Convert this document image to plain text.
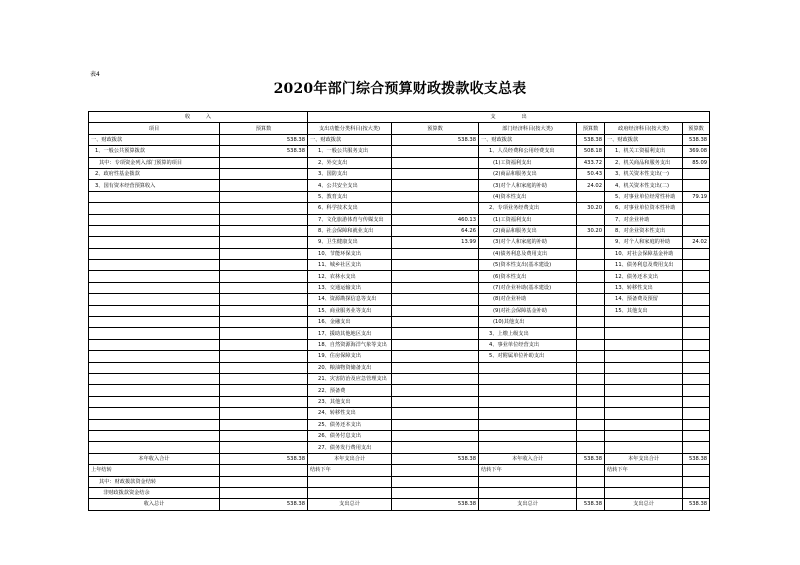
表4
2020年部门综合预算财政拨款收支总表
收　　　入		支　　　　　出					
项目	预算数	支出功能分类科目(按大类)	预算数	部门经济科目(按大类)	预算数	政府经济科目(按大类)	预算数
一、财政拨款	538.38	一、财政拨款	538.38	一、财政拨款	538.38	一、财政拨款	538.38
1、一般公共预算拨款	538.38	1、一般公共服务支出		1、人员经费和公用经费支出	508.18	1、机关工资福利支出	369.08
其中：专项资金列入部门预算的项目		2、外交支出		(1)工资福利支出	433.72	2、机关商品和服务支出	85.09
2、政府性基金拨款		3、国防支出		(2)商品和服务支出	50.43	3、机关资本性支出(一)	
3、国有资本经营预算收入		4、公共安全支出		(3)对个人和家庭的补助	24.02	4、机关资本性支出(二)	
		5、教育支出		(4)资本性支出		5、对事业单位经常性补助	79.19
		6、科学技术支出		2、专项业务经费支出	30.20	6、对事业单位资本性补助	
		7、文化旅游体育与传媒支出	460.13	(1)工资福利支出		7、对企业补助	
		8、社会保障和就业支出	64.26	(2)商品和服务支出	30.20	8、对企业资本性支出	
		9、卫生健康支出	13.99	(3)对个人和家庭的补助		9、对个人和家庭的补助	24.02
		10、节能环保支出		(4)债务利息及费用支出		10、对社会保障基金补助	
		11、城乡社区支出		(5)资本性支出(基本建设)		11、债务利息及费用支出	
		12、农林水支出		(6)资本性支出		12、债务还本支出	
		13、交通运输支出		(7)对企业补助(基本建设)		13、转移性支出	
		14、资源勘探信息等支出		(8)对企业补助		14、预备费及预留	
		15、商业服务业等支出		(9)对社会保障基金补助		15、其他支出	
		16、金融支出		(10)其他支出			
		17、援助其他地区支出		3、上缴上级支出			
		18、自然资源海洋气象等支出		4、事业单位经营支出			
		19、住房保障支出		5、对附属单位补助支出			
		20、粮油物资储备支出					
		21、灾害防治及应急管理支出					
		22、预备费					
		23、其他支出					
		24、转移性支出					
		25、债务还本支出					
		26、债务付息支出					
		27、债务发行费用支出					
本年收入合计	538.38	本年支出合计	538.38	本年收入合计	538.38	本年支出合计	538.38
上年结转		结转下年		结转下年		结转下年	
其中：财政拨款资金结转							
非财政拨款资金结余							
收入总计	538.38	支出总计	538.38	支出总计	538.38	支出总计	538.38
